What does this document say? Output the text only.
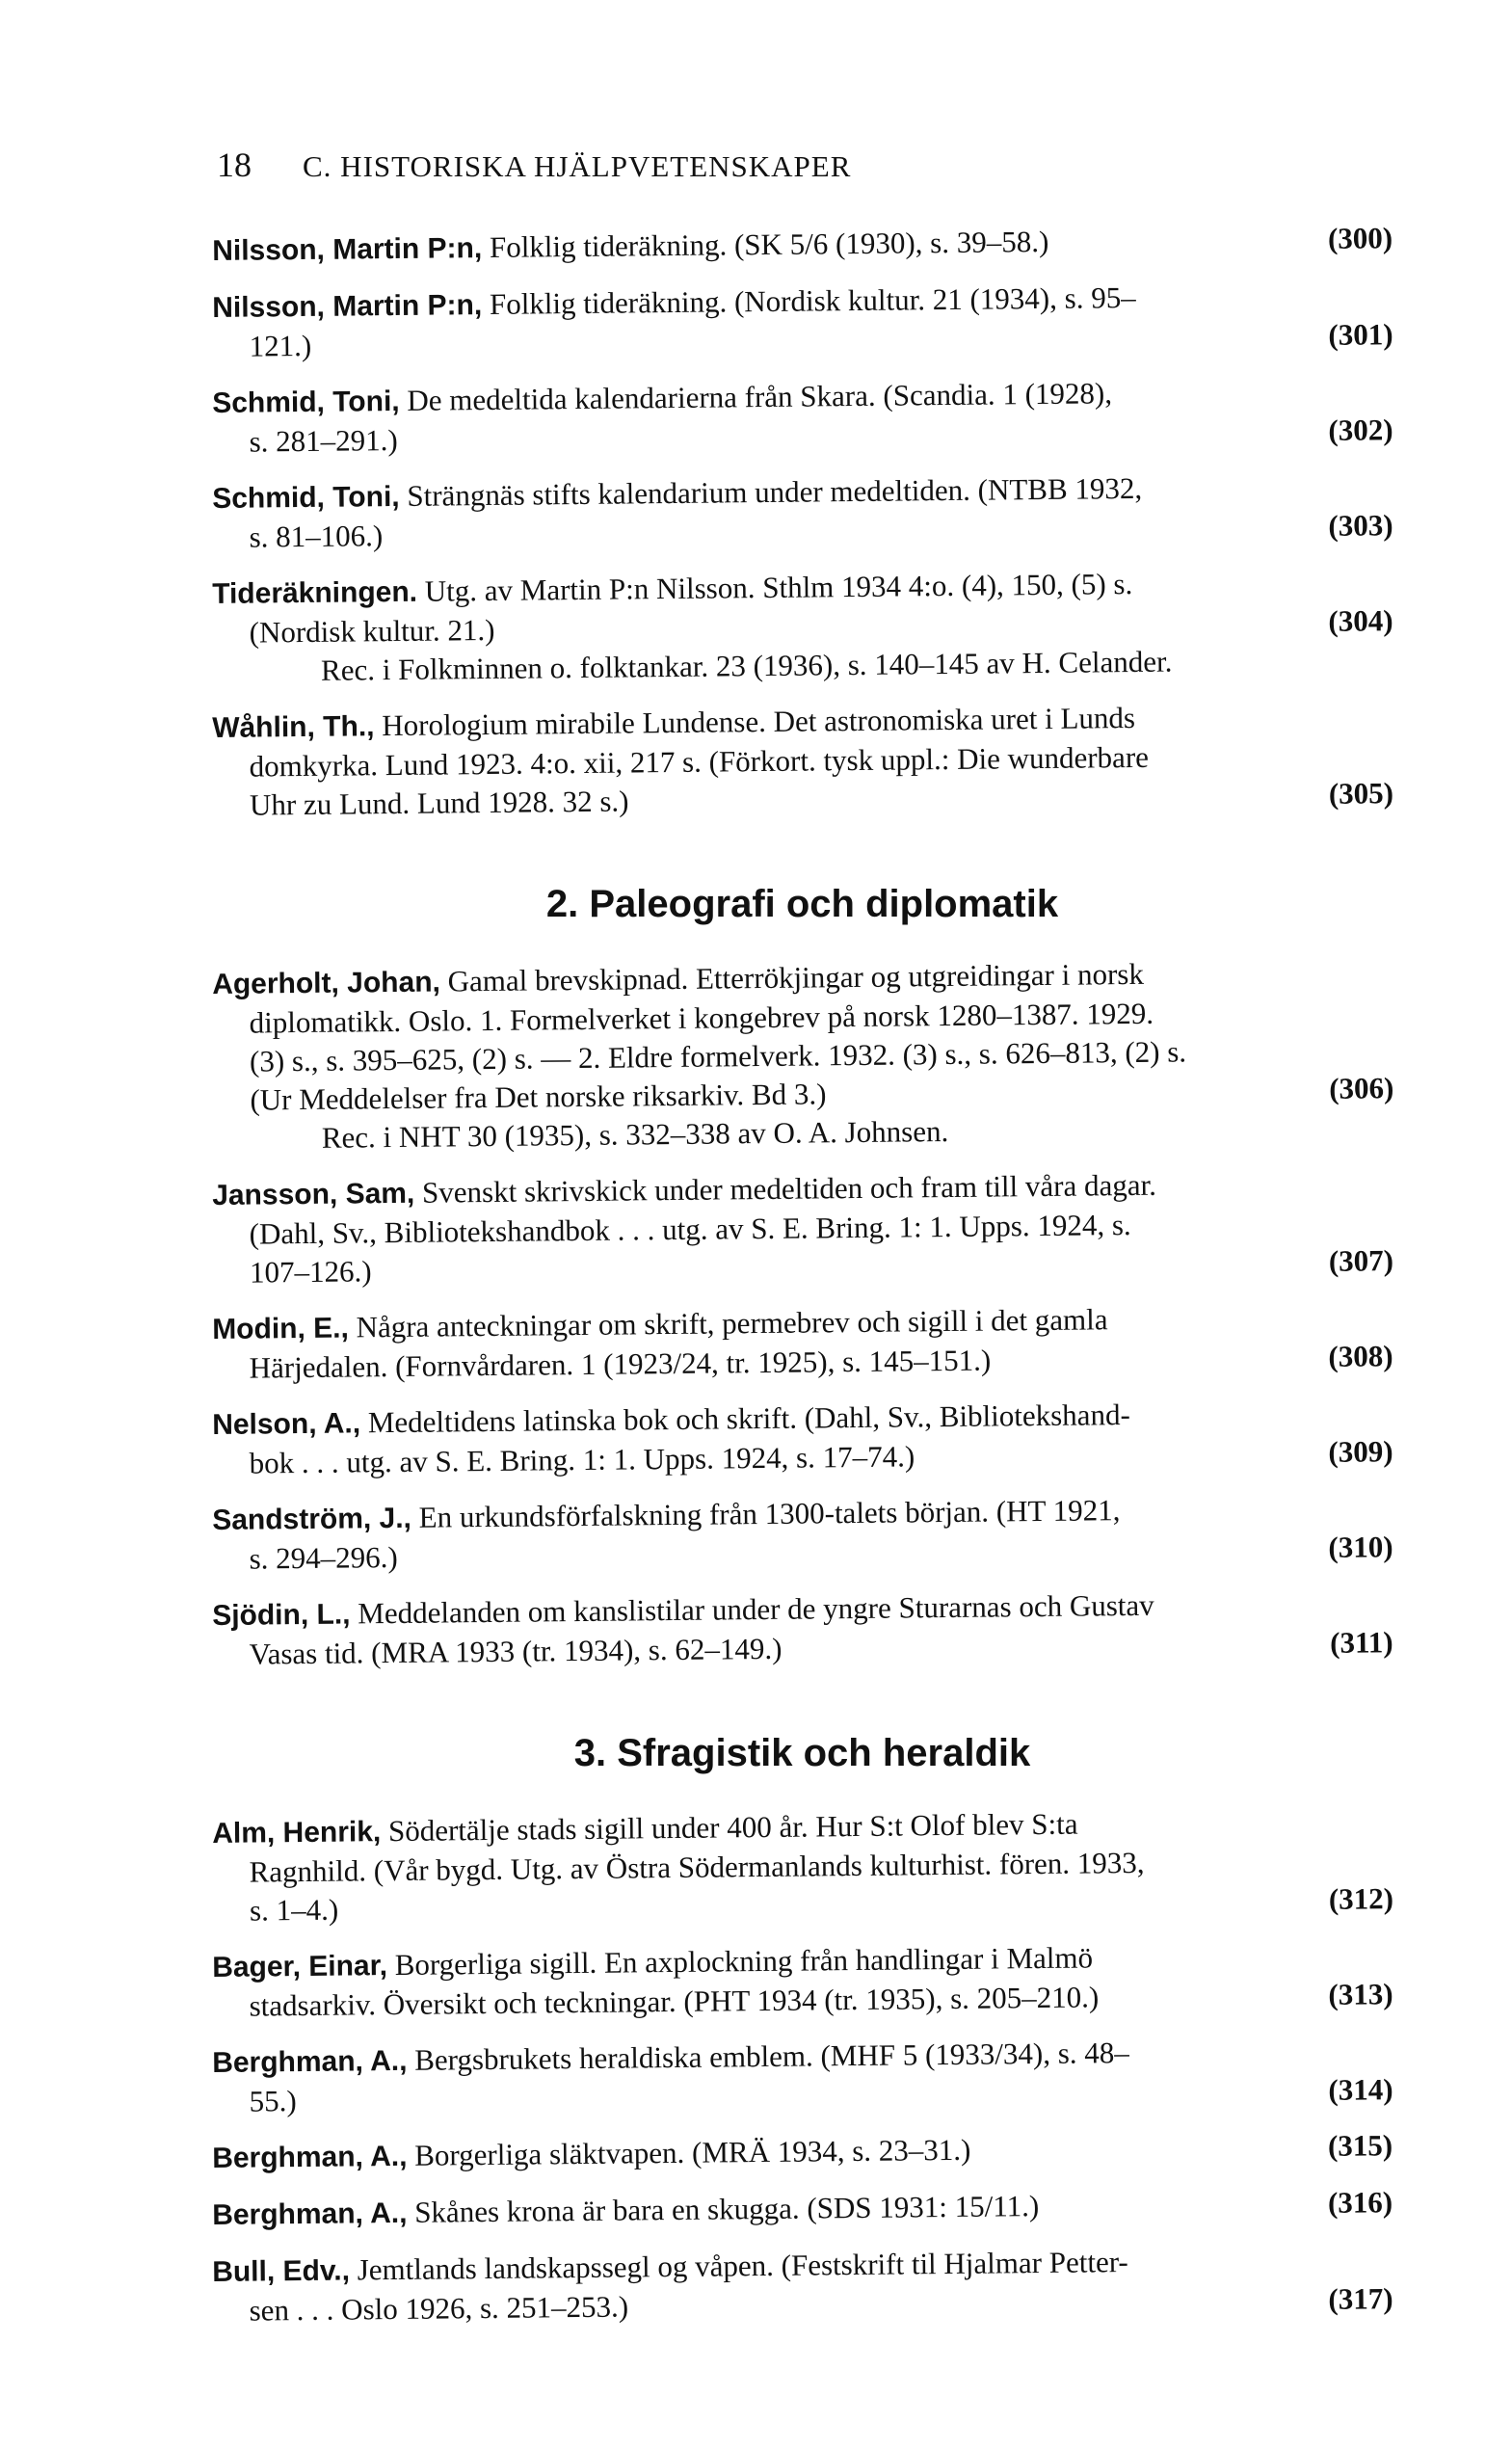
18 C. HISTORISKA HJÄLPVETENSKAPER
Nilsson, Martin P:n, Folklig tideräkning. (SK 5/6 (1930), s. 39–58.)	(300)
Nilsson, Martin P:n, Folklig tideräkning. (Nordisk kultur. 21 (1934), s. 95–
121.)	(301)
Schmid, Toni, De medeltida kalendarierna från Skara. (Scandia. 1 (1928),
s. 281–291.)	(302)
Schmid, Toni, Strängnäs stifts kalendarium under medeltiden. (NTBB 1932,
s. 81–106.)	(303)
Tideräkningen. Utg. av Martin P:n Nilsson. Sthlm 1934 4:o. (4), 150, (5) s.
(Nordisk kultur. 21.)	(304)
Rec. i Folkminnen o. folktankar. 23 (1936), s. 140–145 av H. Celander.
Wåhlin, Th., Horologium mirabile Lundense. Det astronomiska uret i Lunds
domkyrka. Lund 1923. 4:o. xii, 217 s. (Förkort. tysk uppl.: Die wunderbare
Uhr zu Lund. Lund 1928. 32 s.)	(305)
2. Paleografi och diplomatik
Agerholt, Johan, Gamal brevskipnad. Etterrökjingar og utgreidingar i norsk
diplomatikk. Oslo. 1. Formelverket i kongebrev på norsk 1280–1387. 1929.
(3) s., s. 395–625, (2) s. — 2. Eldre formelverk. 1932. (3) s., s. 626–813, (2) s.
(Ur Meddelelser fra Det norske riksarkiv. Bd 3.)	(306)
Rec. i NHT 30 (1935), s. 332–338 av O. A. Johnsen.
Jansson, Sam, Svenskt skrivskick under medeltiden och fram till våra dagar.
(Dahl, Sv., Bibliotekshandbok . . . utg. av S. E. Bring. 1: 1. Upps. 1924, s.
107–126.)	(307)
Modin, E., Några anteckningar om skrift, permebrev och sigill i det gamla
Härjedalen. (Fornvårdaren. 1 (1923/24, tr. 1925), s. 145–151.)	(308)
Nelson, A., Medeltidens latinska bok och skrift. (Dahl, Sv., Bibliotekshand-
bok . . . utg. av S. E. Bring. 1: 1. Upps. 1924, s. 17–74.)	(309)
Sandström, J., En urkundsförfalskning från 1300-talets början. (HT 1921,
s. 294–296.)	(310)
Sjödin, L., Meddelanden om kanslistilar under de yngre Sturarnas och Gustav
Vasas tid. (MRA 1933 (tr. 1934), s. 62–149.)	(311)
3. Sfragistik och heraldik
Alm, Henrik, Södertälje stads sigill under 400 år. Hur S:t Olof blev S:ta
Ragnhild. (Vår bygd. Utg. av Östra Södermanlands kulturhist. fören. 1933,
s. 1–4.)	(312)
Bager, Einar, Borgerliga sigill. En axplockning från handlingar i Malmö
stadsarkiv. Översikt och teckningar. (PHT 1934 (tr. 1935), s. 205–210.)	(313)
Berghman, A., Bergsbrukets heraldiska emblem. (MHF 5 (1933/34), s. 48–
55.)	(314)
Berghman, A., Borgerliga släktvapen. (MRÄ 1934, s. 23–31.)	(315)
Berghman, A., Skånes krona är bara en skugga. (SDS 1931: 15/11.)	(316)
Bull, Edv., Jemtlands landskapssegl og våpen. (Festskrift til Hjalmar Petter-
sen . . . Oslo 1926, s. 251–253.)	(317)
